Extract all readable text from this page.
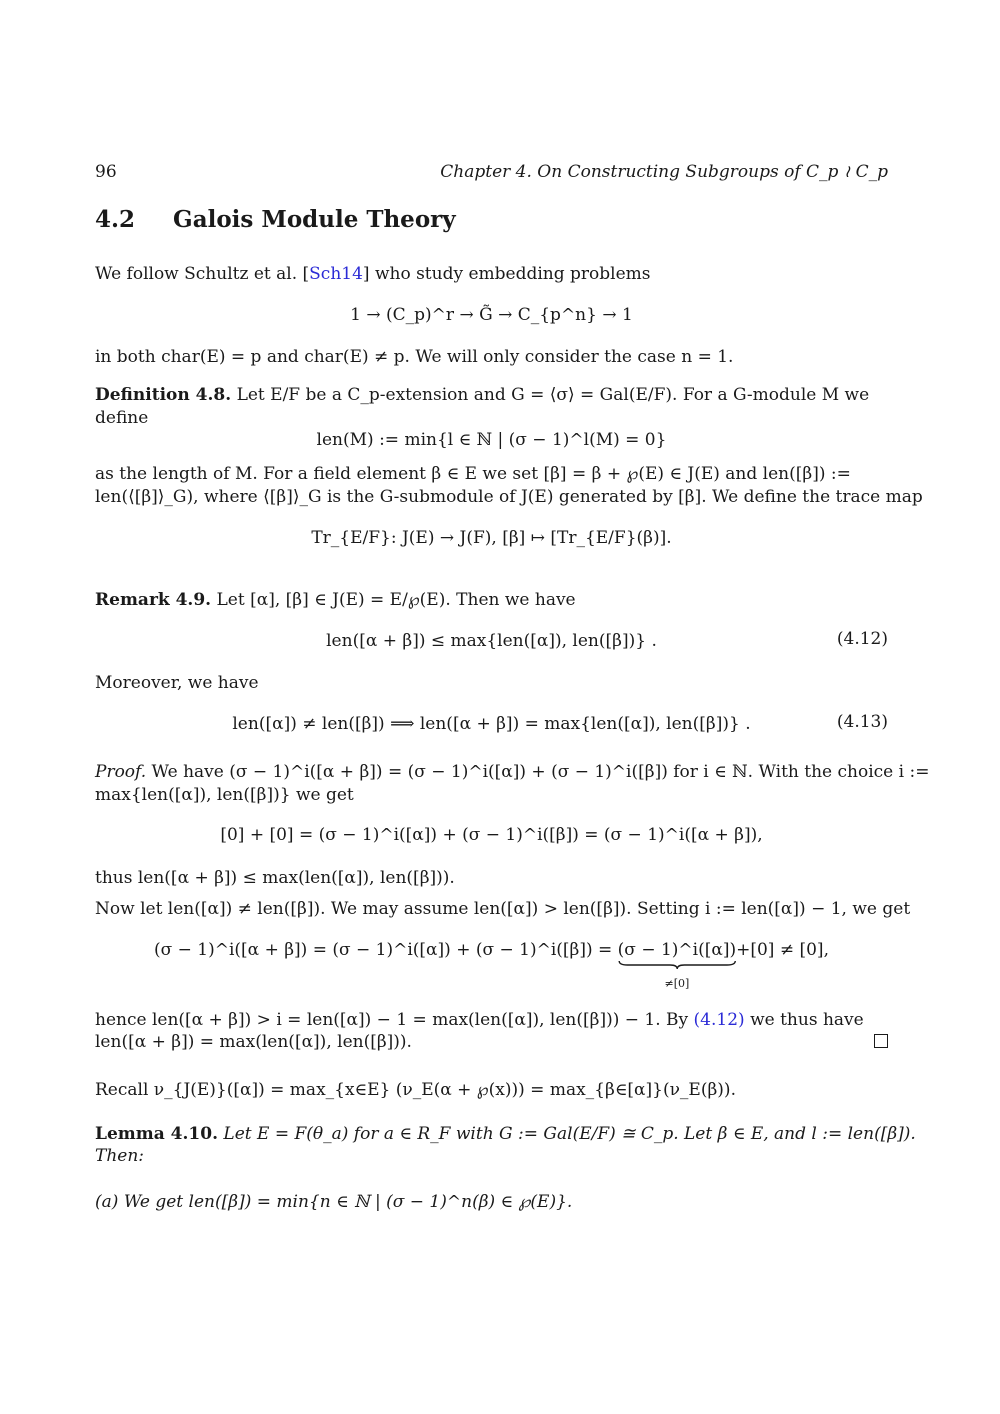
96	Chapter 4. On Constructing Subgroups of C_p ≀ C_p
4.2 Galois Module Theory
We follow Schultz et al. [Sch14] who study embedding problems
1 → (C_p)^r → G̃ → C_{p^n} → 1
in both char(E) = p and char(E) ≠ p. We will only consider the case n = 1.
Definition 4.8. Let E/F be a C_p-extension and G = ⟨σ⟩ = Gal(E/F). For a G-module M we
define
len(M) := min{l ∈ ℕ | (σ − 1)^l(M) = 0}
as the length of M. For a field element β ∈ E we set [β] = β + ℘(E) ∈ J(E) and len([β]) :=
len(⟨[β]⟩_G), where ⟨[β]⟩_G is the G-submodule of J(E) generated by [β]. We define the trace map
Tr_{E/F}: J(E) → J(F), [β] ↦ [Tr_{E/F}(β)].
Remark 4.9. Let [α], [β] ∈ J(E) = E/℘(E). Then we have
len([α + β]) ≤ max{len([α]), len([β])} .	(4.12)
Moreover, we have
len([α]) ≠ len([β]) ⟹ len([α + β]) = max{len([α]), len([β])} .	(4.13)
Proof. We have (σ − 1)^i([α + β]) = (σ − 1)^i([α]) + (σ − 1)^i([β]) for i ∈ ℕ. With the choice i :=
max{len([α]), len([β])} we get
[0] + [0] = (σ − 1)^i([α]) + (σ − 1)^i([β]) = (σ − 1)^i([α + β]),
thus len([α + β]) ≤ max(len([α]), len([β])).
Now let len([α]) ≠ len([β]). We may assume len([α]) > len([β]). Setting i := len([α]) − 1, we get
(σ − 1)^i([α + β]) = (σ − 1)^i([α]) + (σ − 1)^i([β]) = (σ − 1)^i([α])
≠[0]
+[0] ≠ [0],
hence len([α + β]) > i = len([α]) − 1 = max(len([α]), len([β])) − 1. By (4.12) we thus have
len([α + β]) = max(len([α]), len([β])).
Recall ν_{J(E)}([α]) = max_{x∈E} (ν_E(α + ℘(x))) = max_{β∈[α]}(ν_E(β)).
Lemma 4.10. Let E = F(θ_a) for a ∈ R_F with G := Gal(E/F) ≅ C_p. Let β ∈ E, and l := len([β]).
Then:
(a) We get len([β]) = min{n ∈ ℕ | (σ − 1)^n(β) ∈ ℘(E)}.
